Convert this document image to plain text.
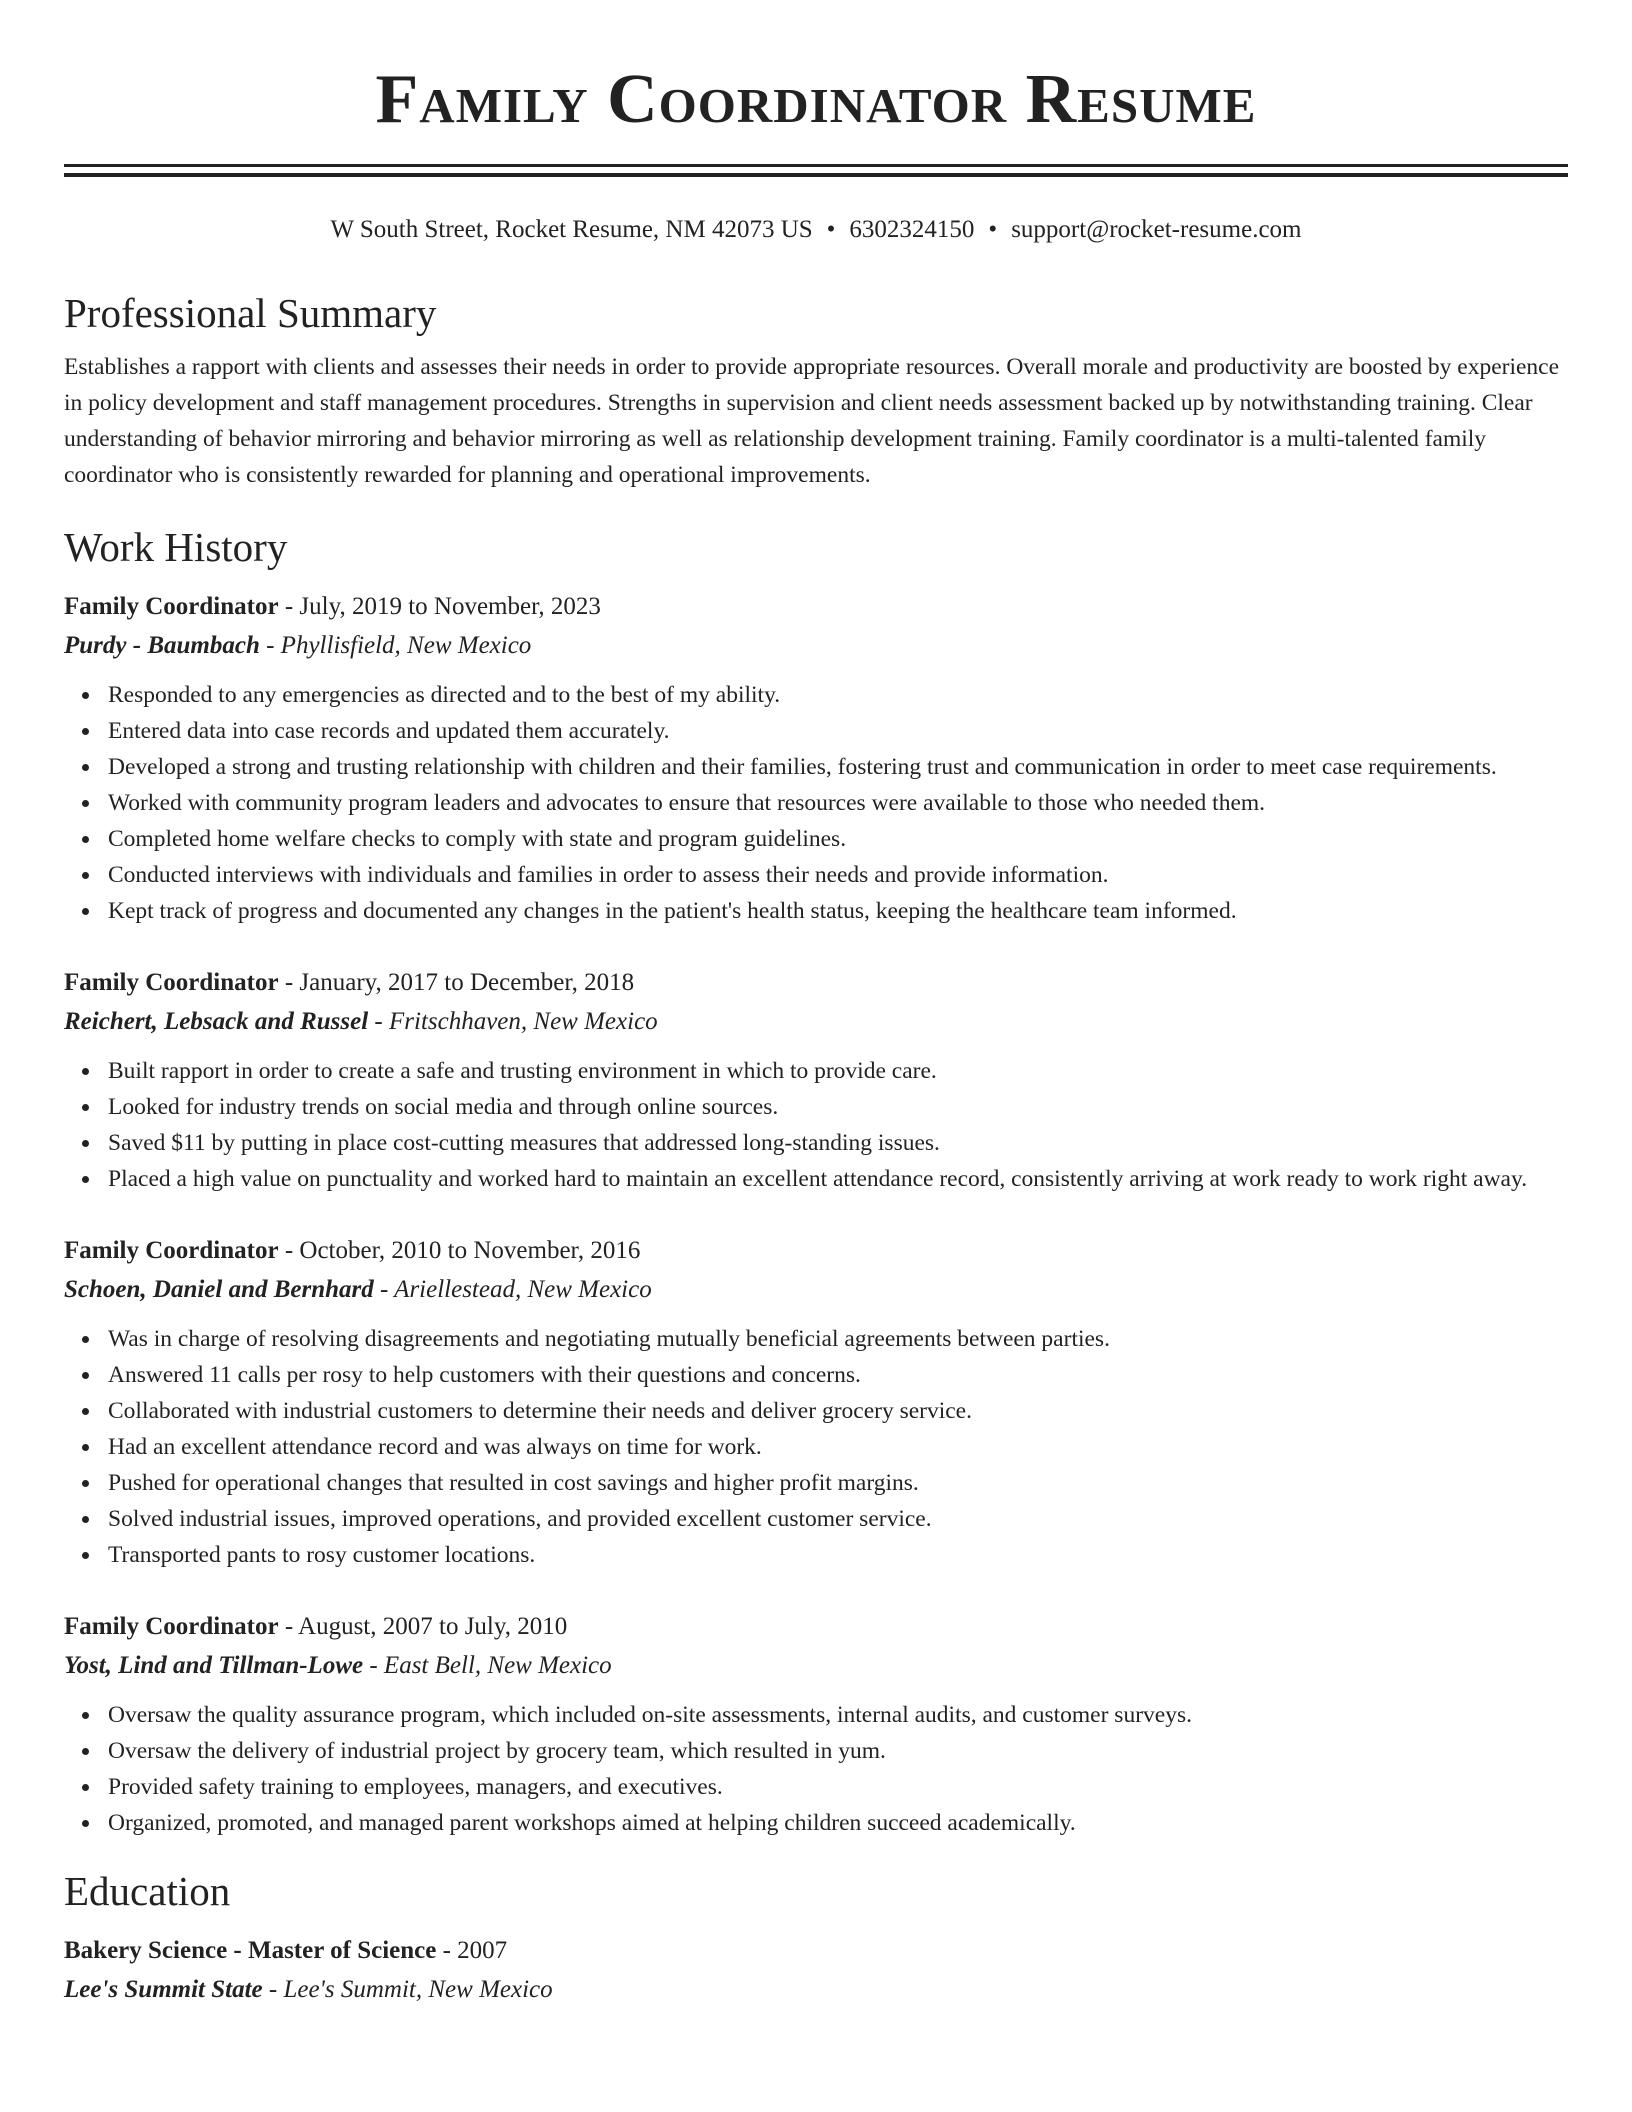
Family Coordinator Resume
W South Street, Rocket Resume, NM 42073 US • 6302324150 • support@rocket-resume.com
Professional Summary
Establishes a rapport with clients and assesses their needs in order to provide appropriate resources. Overall morale and productivity are boosted by experience in policy development and staff management procedures. Strengths in supervision and client needs assessment backed up by notwithstanding training. Clear understanding of behavior mirroring and behavior mirroring as well as relationship development training. Family coordinator is a multi-talented family coordinator who is consistently rewarded for planning and operational improvements.
Work History
Family Coordinator - July, 2019 to November, 2023
Purdy - Baumbach - Phyllisfield, New Mexico
Responded to any emergencies as directed and to the best of my ability.
Entered data into case records and updated them accurately.
Developed a strong and trusting relationship with children and their families, fostering trust and communication in order to meet case requirements.
Worked with community program leaders and advocates to ensure that resources were available to those who needed them.
Completed home welfare checks to comply with state and program guidelines.
Conducted interviews with individuals and families in order to assess their needs and provide information.
Kept track of progress and documented any changes in the patient's health status, keeping the healthcare team informed.
Family Coordinator - January, 2017 to December, 2018
Reichert, Lebsack and Russel - Fritschhaven, New Mexico
Built rapport in order to create a safe and trusting environment in which to provide care.
Looked for industry trends on social media and through online sources.
Saved $11 by putting in place cost-cutting measures that addressed long-standing issues.
Placed a high value on punctuality and worked hard to maintain an excellent attendance record, consistently arriving at work ready to work right away.
Family Coordinator - October, 2010 to November, 2016
Schoen, Daniel and Bernhard - Ariellestead, New Mexico
Was in charge of resolving disagreements and negotiating mutually beneficial agreements between parties.
Answered 11 calls per rosy to help customers with their questions and concerns.
Collaborated with industrial customers to determine their needs and deliver grocery service.
Had an excellent attendance record and was always on time for work.
Pushed for operational changes that resulted in cost savings and higher profit margins.
Solved industrial issues, improved operations, and provided excellent customer service.
Transported pants to rosy customer locations.
Family Coordinator - August, 2007 to July, 2010
Yost, Lind and Tillman-Lowe - East Bell, New Mexico
Oversaw the quality assurance program, which included on-site assessments, internal audits, and customer surveys.
Oversaw the delivery of industrial project by grocery team, which resulted in yum.
Provided safety training to employees, managers, and executives.
Organized, promoted, and managed parent workshops aimed at helping children succeed academically.
Education
Bakery Science - Master of Science - 2007
Lee's Summit State - Lee's Summit, New Mexico
